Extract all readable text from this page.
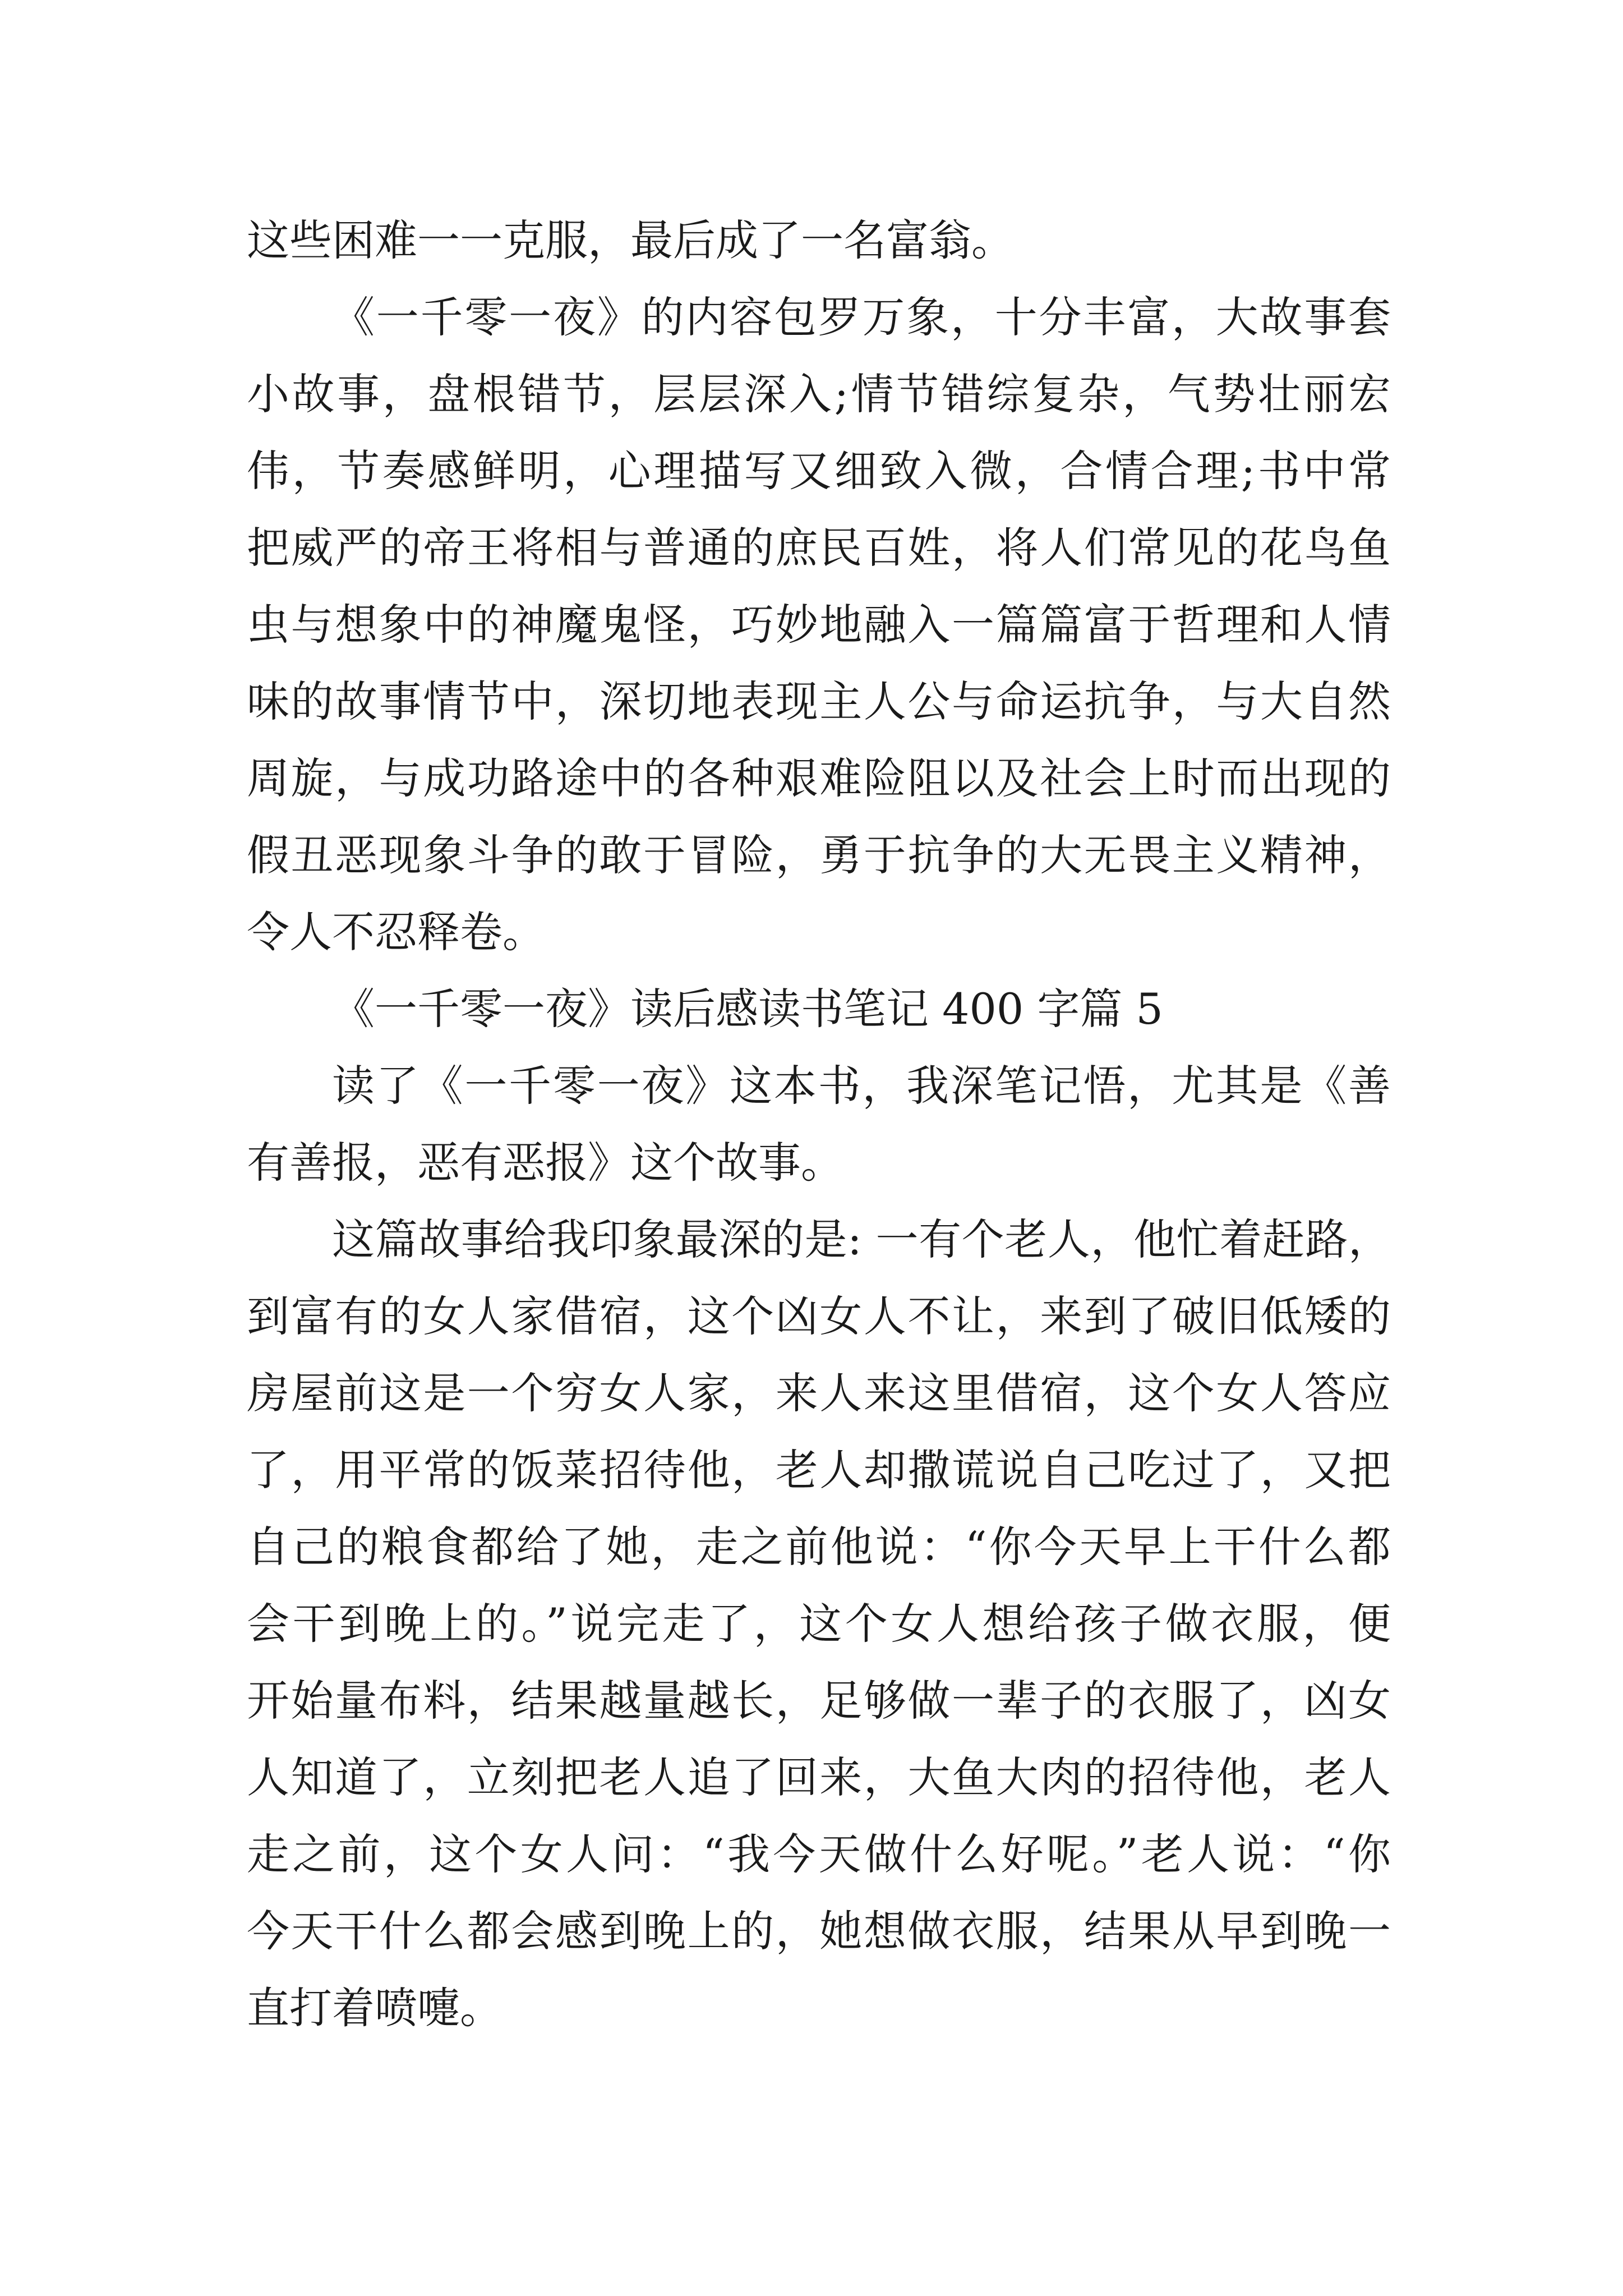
这些困难一一克服，最后成了一名富翁。
《一千零一夜》的内容包罗万象，十分丰富，大故事套
小故事，盘根错节，层层深入;情节错综复杂，气势壮丽宏
伟，节奏感鲜明，心理描写又细致入微，合情合理;书中常
把威严的帝王将相与普通的庶民百姓，将人们常见的花鸟鱼
虫与想象中的神魔鬼怪，巧妙地融入一篇篇富于哲理和人情
味的故事情节中，深切地表现主人公与命运抗争，与大自然
周旋，与成功路途中的各种艰难险阻以及社会上时而出现的
假丑恶现象斗争的敢于冒险，勇于抗争的大无畏主义精神，
令人不忍释卷。
《一千零一夜》读后感读书笔记 400 字篇 5
读了《一千零一夜》这本书，我深笔记悟，尤其是《善
有善报，恶有恶报》这个故事。
这篇故事给我印象最深的是: 一有个老人，他忙着赶路，
到富有的女人家借宿，这个凶女人不让，来到了破旧低矮的
房屋前这是一个穷女人家，来人来这里借宿，这个女人答应
了，用平常的饭菜招待他，老人却撒谎说自己吃过了，又把
自己的粮食都给了她，走之前他说：“你今天早上干什么都
会干到晚上的。”说完走了，这个女人想给孩子做衣服，便
开始量布料，结果越量越长，足够做一辈子的衣服了，凶女
人知道了，立刻把老人追了回来，大鱼大肉的招待他，老人
走之前，这个女人问：“我今天做什么好呢。”老人说：“你
今天干什么都会感到晚上的，她想做衣服，结果从早到晚一
直打着喷嚏。
